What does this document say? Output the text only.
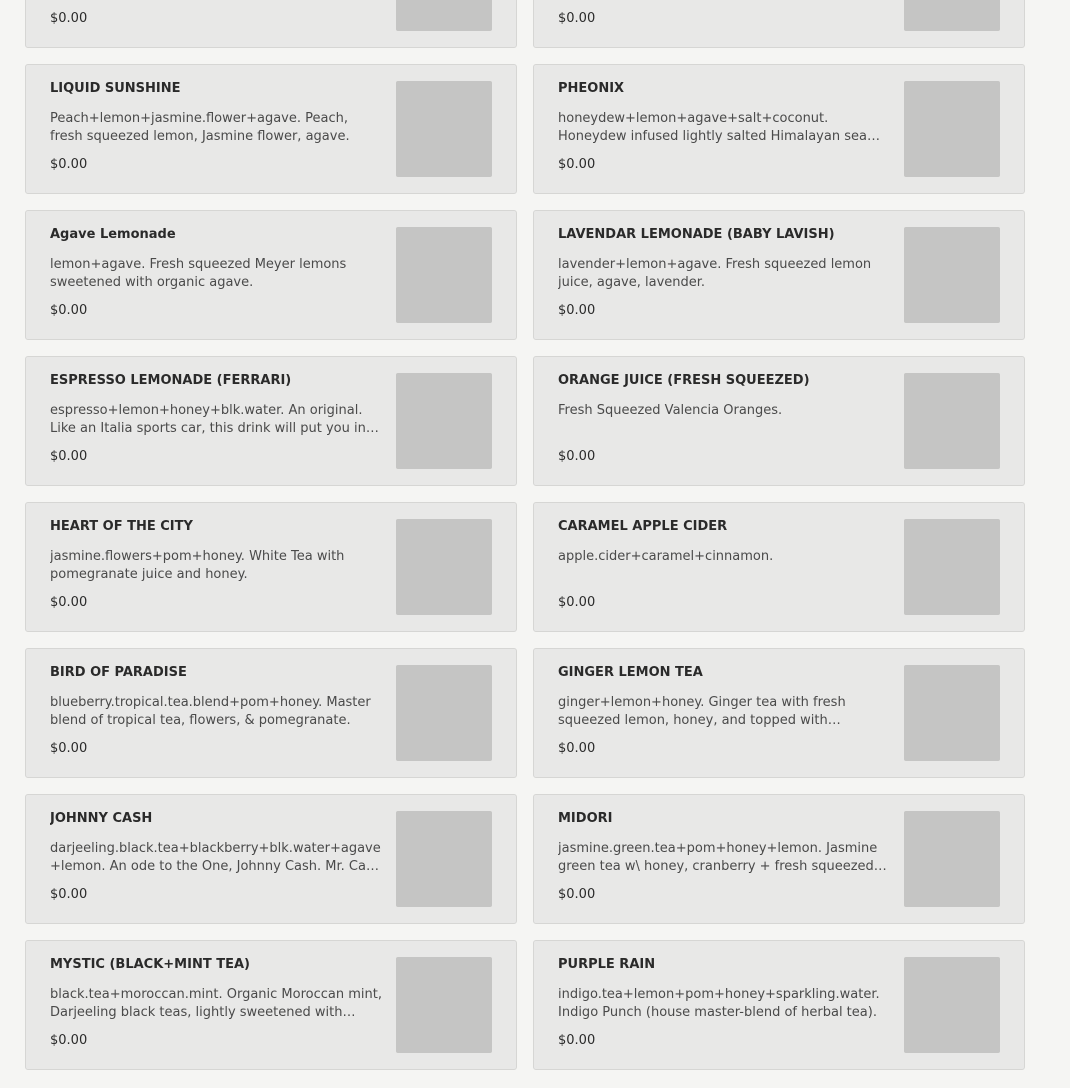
$0.00	$0.00
LIQUID SUNSHINE
Peach+lemon+jasmine.flower+agave. Peach, fresh squeezed lemon, Jasmine flower, agave.
$0.00
PHEONIX
honeydew+lemon+agave+salt+coconut. Honeydew infused lightly salted Himalayan sea
$0.00
Agave Lemonade
lemon+agave. Fresh squeezed Meyer lemons sweetened with organic agave.
$0.00
LAVENDAR LEMONADE (BABY LAVISH)
lavender+lemon+agave. Fresh squeezed lemon juice, agave, lavender.
$0.00
ESPRESSO LEMONADE (FERRARI)
espresso+lemon+honey+blk.water. An original. Like an Italia sports car, this drink will put you in
$0.00
ORANGE JUICE (FRESH SQUEEZED)
Fresh Squeezed Valencia Oranges.
$0.00
HEART OF THE CITY
jasmine.flowers+pom+honey. White Tea with pomegranate juice and honey.
$0.00
CARAMEL APPLE CIDER
apple.cider+caramel+cinnamon.
$0.00
BIRD OF PARADISE
blueberry.tropical.tea.blend+pom+honey. Master blend of tropical tea, flowers, & pomegranate.
$0.00
GINGER LEMON TEA
ginger+lemon+honey. Ginger tea with fresh squeezed lemon, honey, and topped with
$0.00
JOHNNY CASH
darjeeling.black.tea+blackberry+blk.water+agave+lemon. An ode to the One, Johnny Cash. Mr. Cash
$0.00
MIDORI
jasmine.green.tea+pom+honey+lemon. Jasmine green tea w\ honey, cranberry + fresh squeezed
$0.00
MYSTIC (BLACK+MINT TEA)
black.tea+moroccan.mint. Organic Moroccan mint, Darjeeling black teas, lightly sweetened with
$0.00
PURPLE RAIN
indigo.tea+lemon+pom+honey+sparkling.water. Indigo Punch (house master-blend of herbal tea).
$0.00
